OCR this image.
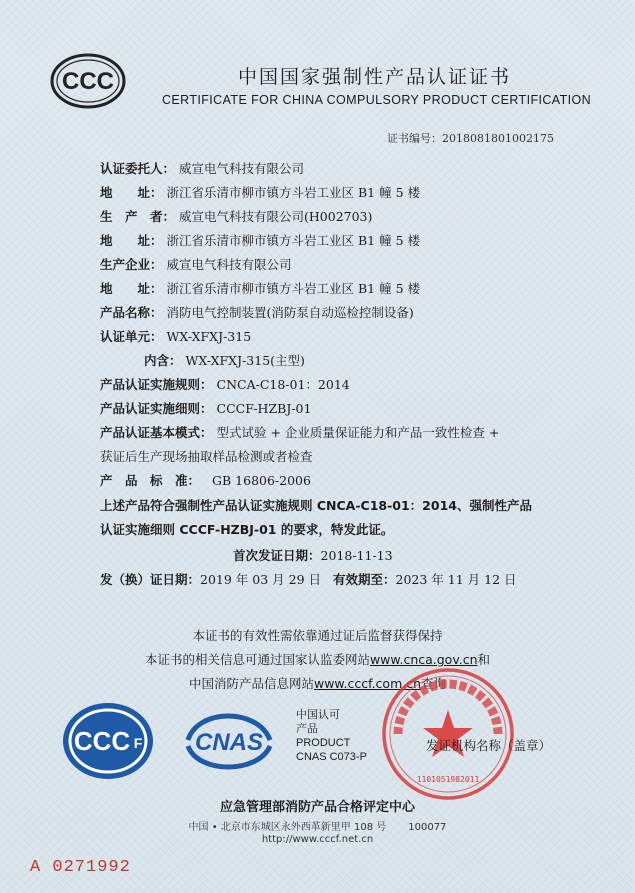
CCC	中国国家强制性产品认证证书
CERTIFICATE FOR CHINA COMPULSORY PRODUCT CERTIFICATION
证书编号：2018081801002175
认证委托人： 威宣电气科技有限公司
地　　址： 浙江省乐清市柳市镇方斗岩工业区 B1 幢 5 楼
生　产　者： 威宣电气科技有限公司(H002703)
地　　址： 浙江省乐清市柳市镇方斗岩工业区 B1 幢 5 楼
生产企业： 威宣电气科技有限公司
地　　址： 浙江省乐清市柳市镇方斗岩工业区 B1 幢 5 楼
产品名称： 消防电气控制装置(消防泵自动巡检控制设备)
认证单元： WX-XFXJ-315
内含： WX-XFXJ-315(主型)
产品认证实施规则： CNCA-C18-01：2014
产品认证实施细则： CCCF-HZBJ-01
产品认证基本模式： 型式试验 + 企业质量保证能力和产品一致性检查 +
获证后生产现场抽取样品检测或者检查
产　品　标　准： GB 16806-2006
上述产品符合强制性产品认证实施规则 CNCA-C18-01：2014、强制性产品
认证实施细则 CCCF-HZBJ-01 的要求，特发此证。
首次发证日期：2018-11-13
发（换）证日期：2019 年 03 月 29 日 有效期至：2023 年 11 月 12 日
本证书的有效性需依靠通过证后监督获得保持
本证书的相关信息可通过国家认监委网站www.cnca.gov.cn和
中国消防产品信息网站www.cccf.com.cn查询
CCC F CNAS
中国认可
产品
PRODUCT
CNAS C073-P
1101051982011
发证机构名称（盖章）
应急管理部消防产品合格评定中心
中国 • 北京市东城区永外西革新里甲 108 号 100077
http://www.cccf.net.cn
A 0271992
